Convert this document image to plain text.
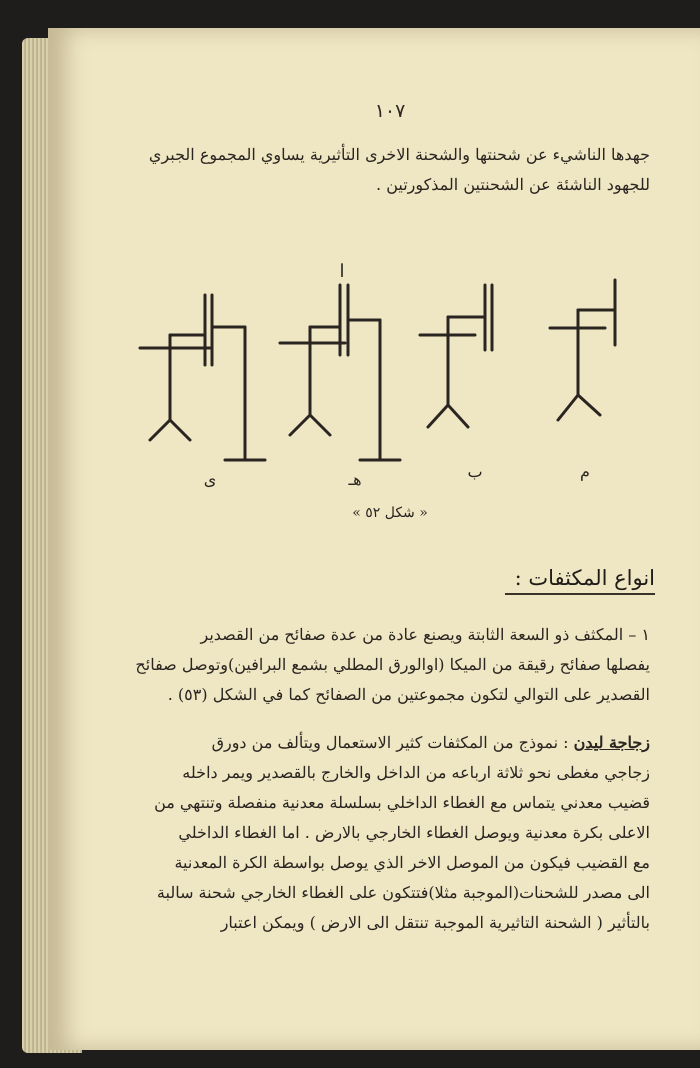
١٠٧
جهدها الناشيء عن شحنتها والشحنة الاخرى التأثيرية يساوي المجموع الجبري
للجهود الناشئة عن الشحنتين المذكورتين .
ى	هـ	ب	م
ا
« شكل ٥٢ »
انواع المكثفات :
١ – المكثف ذو السعة الثابتة ويصنع عادة من عدة صفائح من القصدير
يفصلها صفائح رقيقة من الميكا (اوالورق المطلي بشمع البرافين)وتوصل صفائح
القصدير على التوالي لتكون مجموعتين من الصفائح كما في الشكل (٥٣) .
زجاجة ليدن : نموذج من المكثفات كثير الاستعمال ويتألف من دورق
زجاجي مغطى نحو ثلاثة ارباعه من الداخل والخارج بالقصدير ويمر داخله
قضيب معدني يتماس مع الغطاء الداخلي بسلسلة معدنية منفصلة وتنتهي من
الاعلى بكرة معدنية ويوصل الغطاء الخارجي بالارض . اما الغطاء الداخلي
مع القضيب فيكون من الموصل الاخر الذي يوصل بواسطة الكرة المعدنية
الى مصدر للشحنات(الموجبة مثلا)فتتكون على الغطاء الخارجي شحنة سالبة
بالتأثير ( الشحنة التاثيرية الموجبة تنتقل الى الارض ) ويمكن اعتبار
